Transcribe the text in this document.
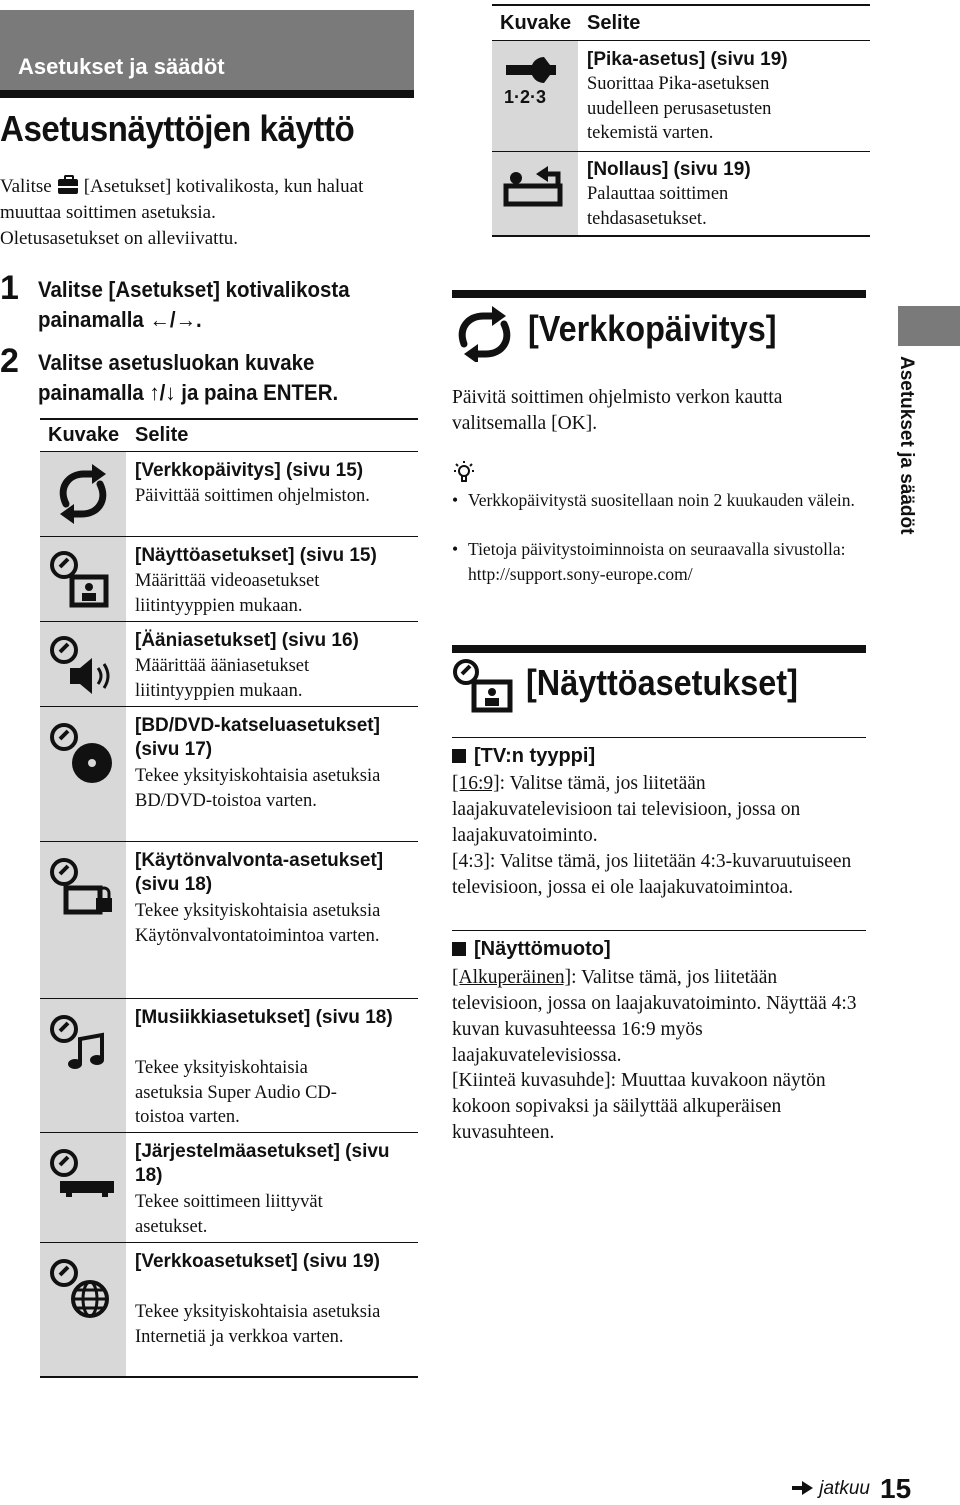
Asetukset ja säädöt
Asetusnäyttöjen käyttö
Valitse [Asetukset] kotivalikosta, kun haluat muuttaa soittimen asetuksia.
Oletusasetukset on alleviivattu.
1 Valitse [Asetukset] kotivalikosta painamalla ←/→.
2 Valitse asetusluokan kuvake painamalla ↑/↓ ja paina ENTER.
Kuvake Selite
[Verkkopäivitys] (sivu 15)
Päivittää soittimen ohjelmiston.
[Näyttöasetukset] (sivu 15)
Määrittää videoasetukset liitintyyppien mukaan.
[Ääniasetukset] (sivu 16)
Määrittää ääniasetukset liitintyyppien mukaan.
[BD/DVD-katseluasetukset] (sivu 17)
Tekee yksityiskohtaisia asetuksia BD/DVD-toistoa varten.
[Käytönvalvonta-asetukset] (sivu 18)
Tekee yksityiskohtaisia asetuksia Käytönvalvontatoimintoa varten.
[Musiikkiasetukset] (sivu 18)
Tekee yksityiskohtaisia asetuksia Super Audio CD-toistoa varten.
[Järjestelmäasetukset] (sivu 18)
Tekee soittimeen liittyvät asetukset.
[Verkkoasetukset] (sivu 19)
Tekee yksityiskohtaisia asetuksia Internetiä ja verkkoa varten.
Kuvake Selite
1·2·3
[Pika-asetus] (sivu 19)
Suorittaa Pika-asetuksen uudelleen perusasetusten tekemistä varten.
[Nollaus] (sivu 19)
Palauttaa soittimen tehdasasetukset.
[Verkkopäivitys]
Päivitä soittimen ohjelmisto verkon kautta valitsemalla [OK].
• Verkkopäivitystä suositellaan noin 2 kuukauden välein.
• Tietoja päivitystoiminnoista on seuraavalla sivustolla: http://support.sony-europe.com/
[Näyttöasetukset]
[TV:n tyyppi]
[16:9]: Valitse tämä, jos liitetään laajakuvatelevisioon tai televisioon, jossa on laajakuvatoiminto.
[4:3]: Valitse tämä, jos liitetään 4:3-kuvaruutuiseen televisioon, jossa ei ole laajakuvatoimintoa.
[Näyttömuoto]
[Alkuperäinen]: Valitse tämä, jos liitetään televisioon, jossa on laajakuvatoiminto. Näyttää 4:3 kuvan kuvasuhteessa 16:9 myös laajakuvatelevisiossa.
[Kiinteä kuvasuhde]: Muuttaa kuvakoon näytön kokoon sopivaksi ja säilyttää alkuperäisen kuvasuhteen.
Asetukset ja säädöt
jatkuu 15
